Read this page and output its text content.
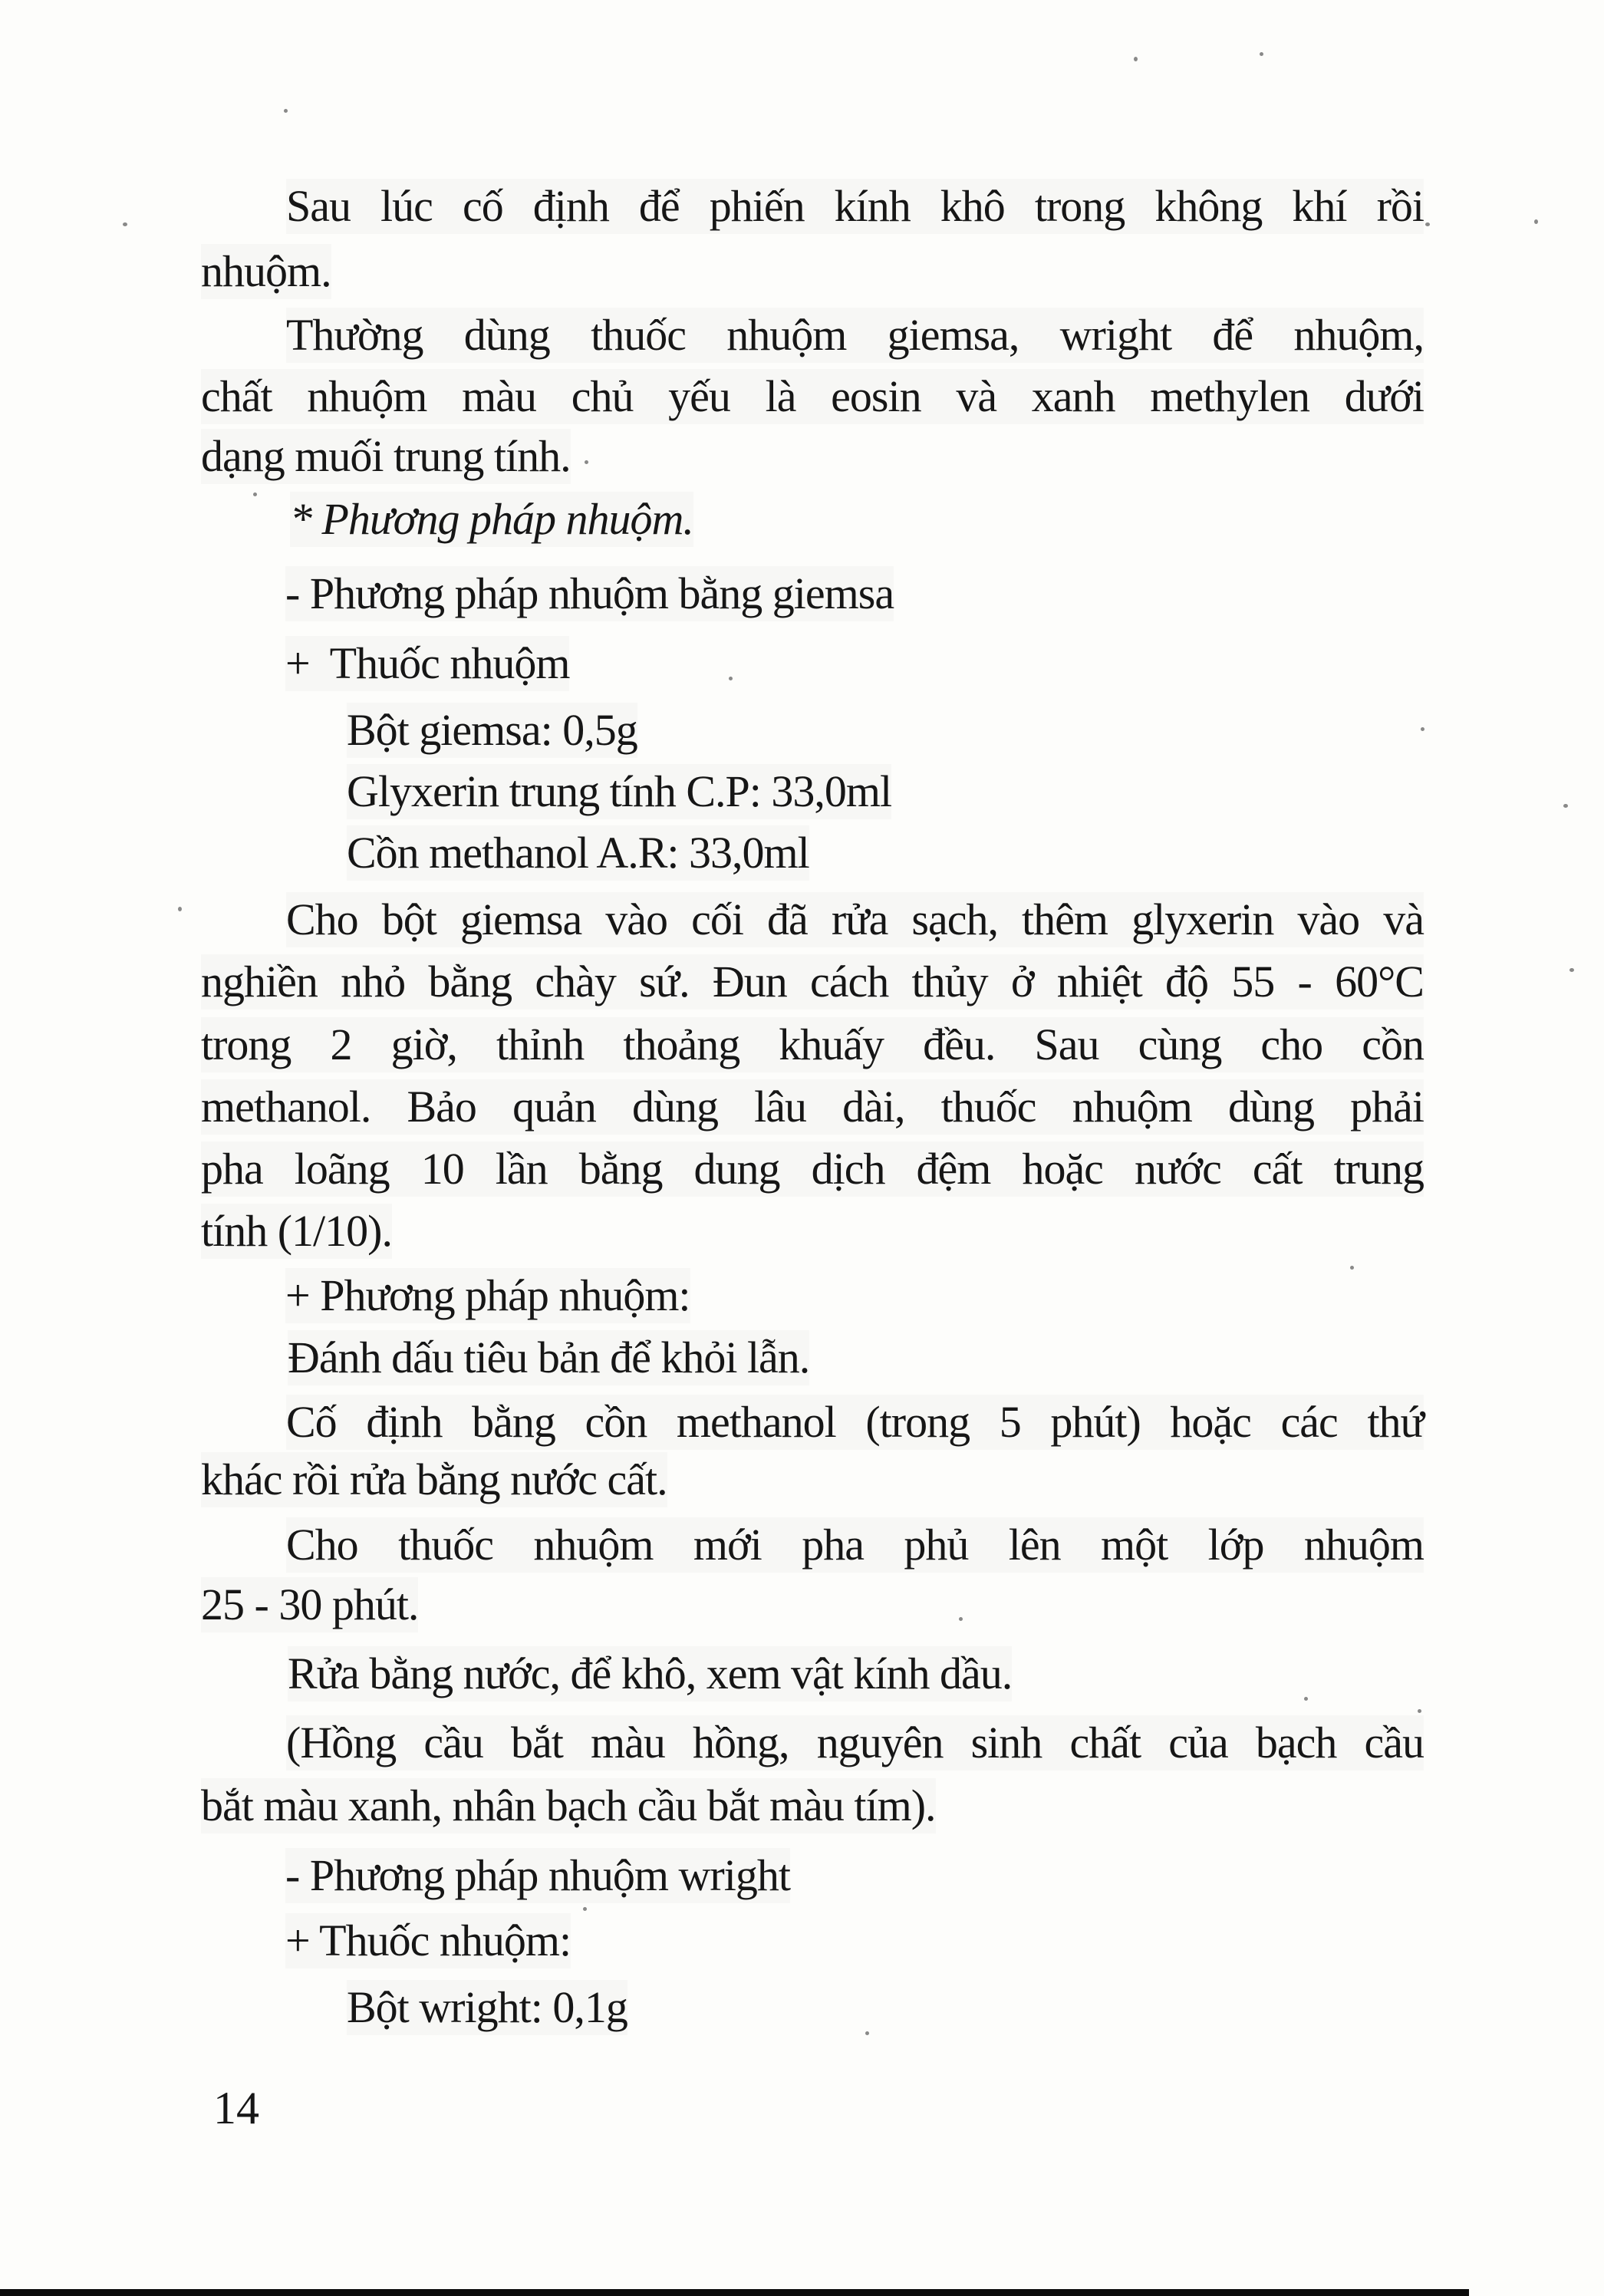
Sau lúc cố định để phiến kính khô trong không khí rồi
nhuộm.
Thường dùng thuốc nhuộm giemsa, wright để nhuộm,
chất nhuộm màu chủ yếu là eosin và xanh methylen dưới
dạng muối trung tính.
* Phương pháp nhuộm.
- Phương pháp nhuộm bằng giemsa
+  Thuốc nhuộm
Bột giemsa: 0,5g
Glyxerin trung tính C.P: 33,0ml
Cồn methanol A.R: 33,0ml
Cho bột giemsa vào cối đã rửa sạch, thêm glyxerin vào và
nghiền nhỏ bằng chày sứ. Đun cách thủy ở nhiệt độ 55 - 60°C
trong 2 giờ, thỉnh thoảng khuấy đều. Sau cùng cho cồn
methanol. Bảo quản dùng lâu dài, thuốc nhuộm dùng phải
pha loãng 10 lần bằng dung dịch đệm hoặc nước cất trung
tính (1/10).
+ Phương pháp nhuộm:
Đánh dấu tiêu bản để khỏi lẫn.
Cố định bằng cồn methanol (trong 5 phút) hoặc các thứ
khác rồi rửa bằng nước cất.
Cho thuốc nhuộm mới pha phủ lên một lớp nhuộm
25 - 30 phút.
Rửa bằng nước, để khô, xem vật kính dầu.
(Hồng cầu bắt màu hồng, nguyên sinh chất của bạch cầu
bắt màu xanh, nhân bạch cầu bắt màu tím).
- Phương pháp nhuộm wright
+ Thuốc nhuộm:
Bột wright: 0,1g
14
